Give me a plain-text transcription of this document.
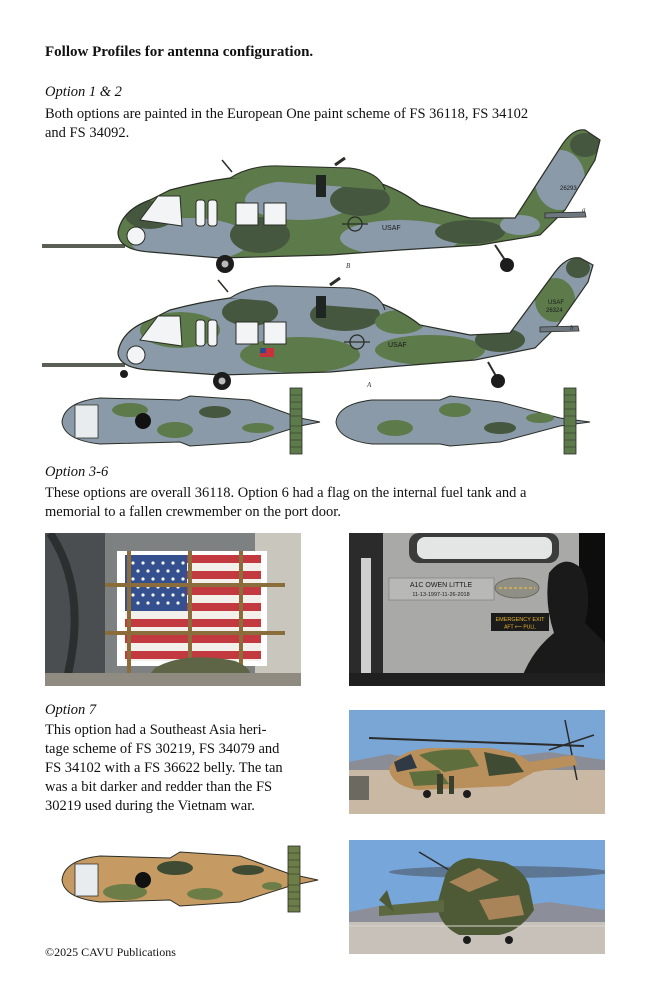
Follow Profiles for antenna configuration.
Option 1 & 2
Both options are painted in the European One paint scheme of FS 36118, FS 34102
and FS 34092.
USAF
26293
a
B
USAF
USAF
26324
b
A
Option 3-6
These options are overall 36118. Option 6 had a flag on the internal fuel tank and a
memorial to a fallen crewmember on the port door.
A1C OWEN LITTLE
11-13-1997-11-26-2018
EMERGENCY EXIT
AFT ⟵ PULL
Option 7
This option had a Southeast Asia heri-
tage scheme of FS 30219, FS 34079 and
FS 34102 with a FS 36622 belly. The tan
was a bit darker and redder than the FS
30219 used during the Vietnam war.
©2025 CAVU Publications
